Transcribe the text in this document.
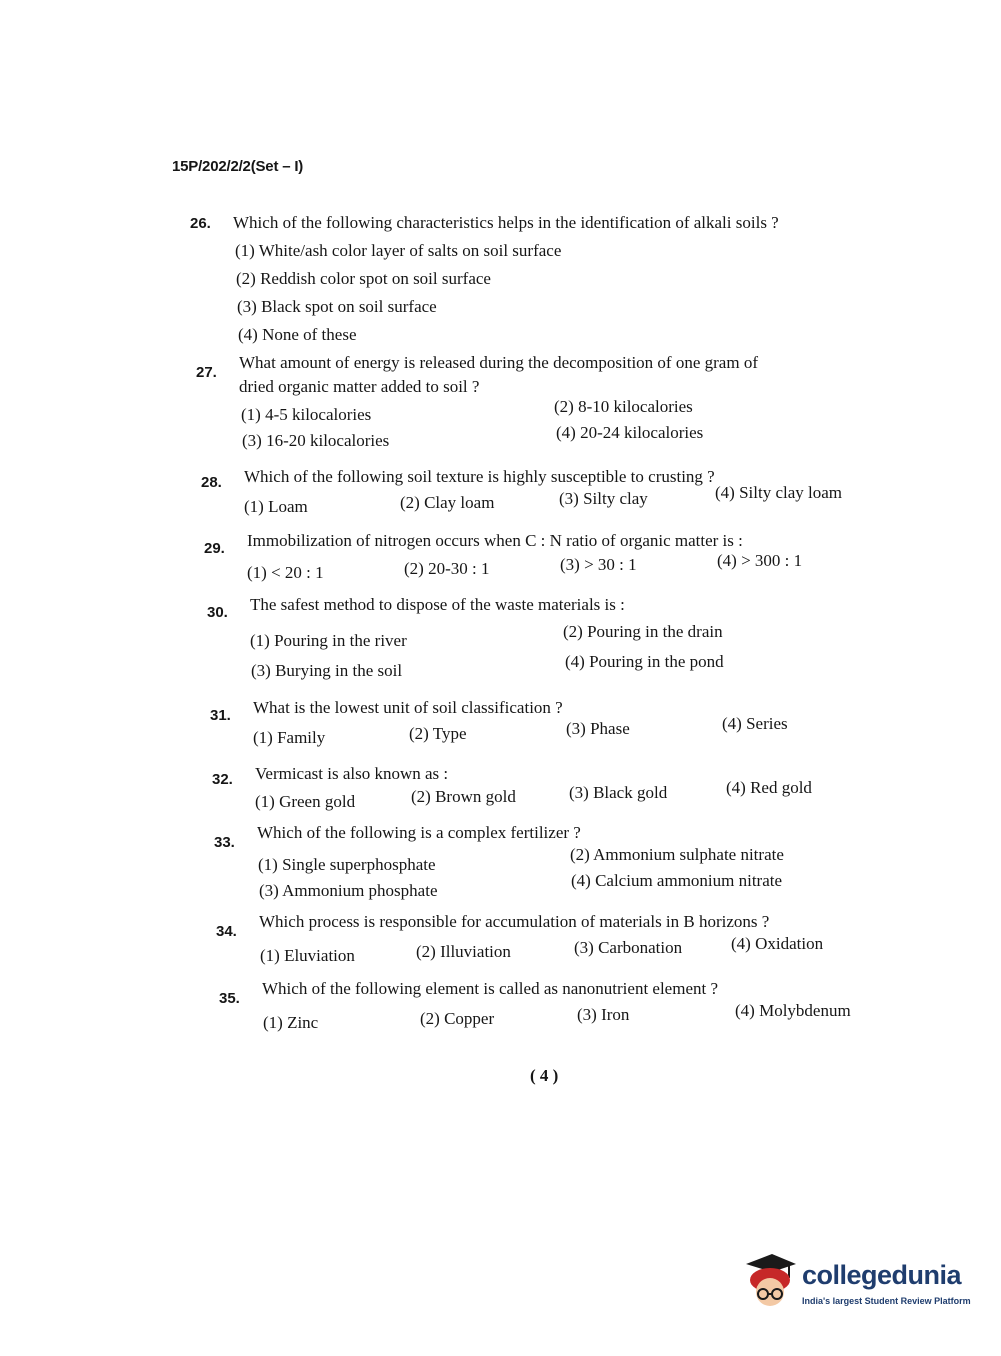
15P/202/2/2(Set – I)
26. Which of the following characteristics helps in the identification of alkali soils ?
(1) White/ash color layer of salts on soil surface
(2) Reddish color spot on soil surface
(3) Black spot on soil surface
(4) None of these
27.
What amount of energy is released during the decomposition of one gram of
dried organic matter added to soil ?
(1) 4-5 kilocalories	(2) 8-10 kilocalories
(3) 16-20 kilocalories	(4) 20-24 kilocalories
28. Which of the following soil texture is highly susceptible to crusting ?
(1) Loam	(2) Clay loam	(3) Silty clay	(4) Silty clay loam
29. Immobilization of nitrogen occurs when C : N ratio of organic matter is :
(1) < 20 : 1	(2) 20-30 : 1	(3) > 30 : 1	(4) > 300 : 1
30. The safest method to dispose of the waste materials is :
(1) Pouring in the river	(2) Pouring in the drain
(3) Burying in the soil	(4) Pouring in the pond
31. What is the lowest unit of soil classification ?
(1) Family	(2) Type	(3) Phase	(4) Series
32. Vermicast is also known as :
(1) Green gold	(2) Brown gold	(3) Black gold	(4) Red gold
33.
Which of the following is a complex fertilizer ?
(1) Single superphosphate
(2) Ammonium sulphate nitrate
(3) Ammonium phosphate
(4) Calcium ammonium nitrate
34.
Which process is responsible for accumulation of materials in B horizons ?
(1) Eluviation	(2) Illuviation	(3) Carbonation	(4) Oxidation
35.
Which of the following element is called as nanonutrient element ?
(1) Zinc	(2) Copper	(3) Iron	(4) Molybdenum
( 4 )
collegedunia
India's largest Student Review Platform
